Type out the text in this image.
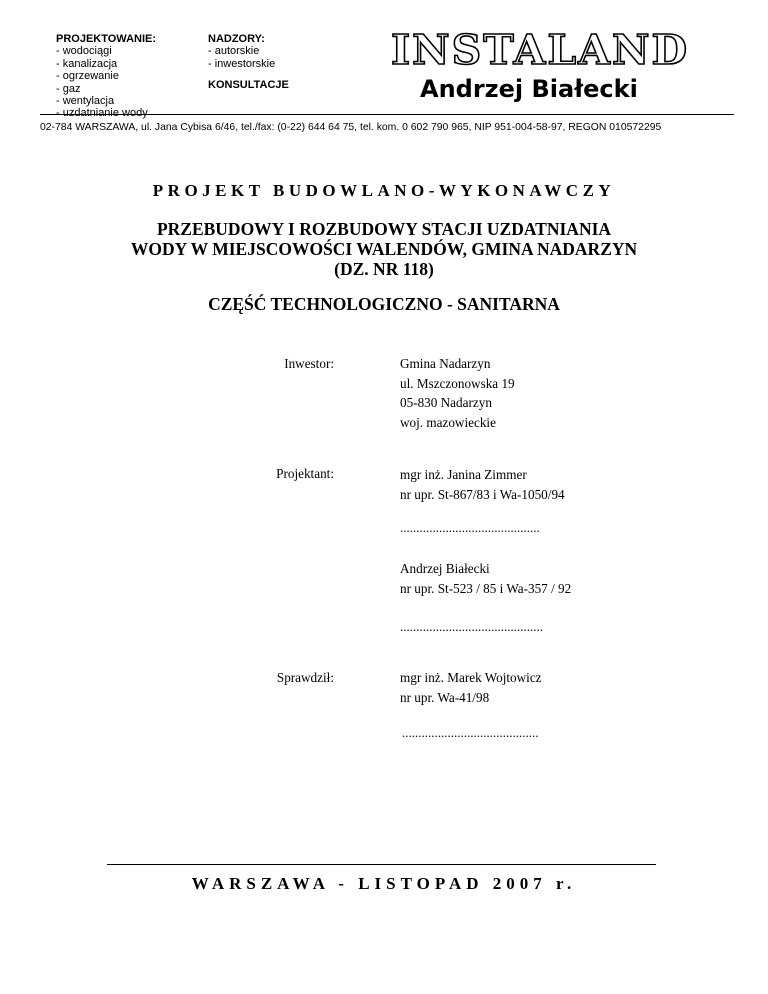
PROJEKTOWANIE:
- wodociągi
- kanalizacja
- ogrzewanie
- gaz
- wentylacja
- uzdatnianie wody
NADZORY:
- autorskie
- inwestorskie
KONSULTACJE
INSTALAND
Andrzej Białecki
02-784 WARSZAWA, ul. Jana Cybisa 6/46, tel./fax: (0-22) 644 64 75, tel. kom. 0 602 790 965, NIP 951-004-58-97, REGON 010572295
PROJEKT BUDOWLANO-WYKONAWCZY
PRZEBUDOWY I ROZBUDOWY STACJI UZDATNIANIA
WODY W MIEJSCOWOŚCI WALENDÓW, GMINA NADARZYN
(DZ. NR 118)
CZĘŚĆ TECHNOLOGICZNO - SANITARNA
Inwestor:	Gmina Nadarzyn
ul. Mszczonowska 19
05-830 Nadarzyn
woj. mazowieckie
Projektant:	mgr inż. Janina Zimmer
nr upr. St-867/83 i Wa-1050/94
...........................................
Andrzej Białecki
nr upr. St-523 / 85 i Wa-357 / 92
............................................
Sprawdził:	mgr inż. Marek Wojtowicz
nr upr. Wa-41/98
..........................................
WARSZAWA - LISTOPAD 2007 r.
